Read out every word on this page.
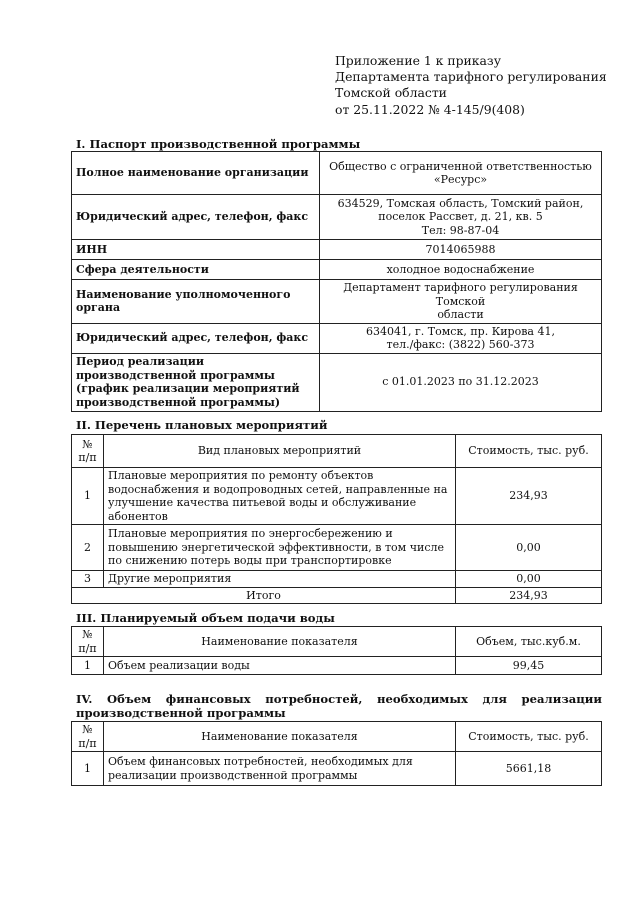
Приложение 1 к приказу
Департамента тарифного регулирования
Томской области
от 25.11.2022 № 4-145/9(408)
I. Паспорт производственной программы
Полное наименование организации	Общество с ограниченной ответственностью
«Ресурс»

Юридический адрес, телефон, факс	634529, Томская область, Томский район,
поселок Рассвет, д. 21, кв. 5
Тел: 98-87-04

ИНН	7014065988
Сфера деятельности	холодное водоснабжение
Наименование уполномоченного органа	Департамент тарифного регулирования Томской
области

Юридический адрес, телефон, факс	634041, г. Томск, пр. Кирова 41,
тел./факс: (3822) 560-373

Период реализации производственной программы (график реализации мероприятий производственной программы)	с 01.01.2023 по 31.12.2023
II. Перечень плановых мероприятий
№ п/п	Вид плановых мероприятий	Стоимость, тыс. руб.
1	Плановые мероприятия по ремонту объектов водоснабжения и водопроводных сетей, направленные на улучшение качества питьевой воды и обслуживание абонентов	234,93
2	Плановые мероприятия по энергосбережению и повышению энергетической эффективности, в том числе по снижению потерь воды при транспортировке	0,00
3	Другие мероприятия	0,00
Итого		234,93
III. Планируемый объем подачи воды
№ п/п	Наименование показателя	Объем, тыс.куб.м.
1	Объем реализации воды	99,45
IV. Объем финансовых потребностей, необходимых для реализации производственной программы
№ п/п	Наименование показателя	Стоимость, тыс. руб.
1	Объем финансовых потребностей, необходимых для реализации производственной программы	5661,18
